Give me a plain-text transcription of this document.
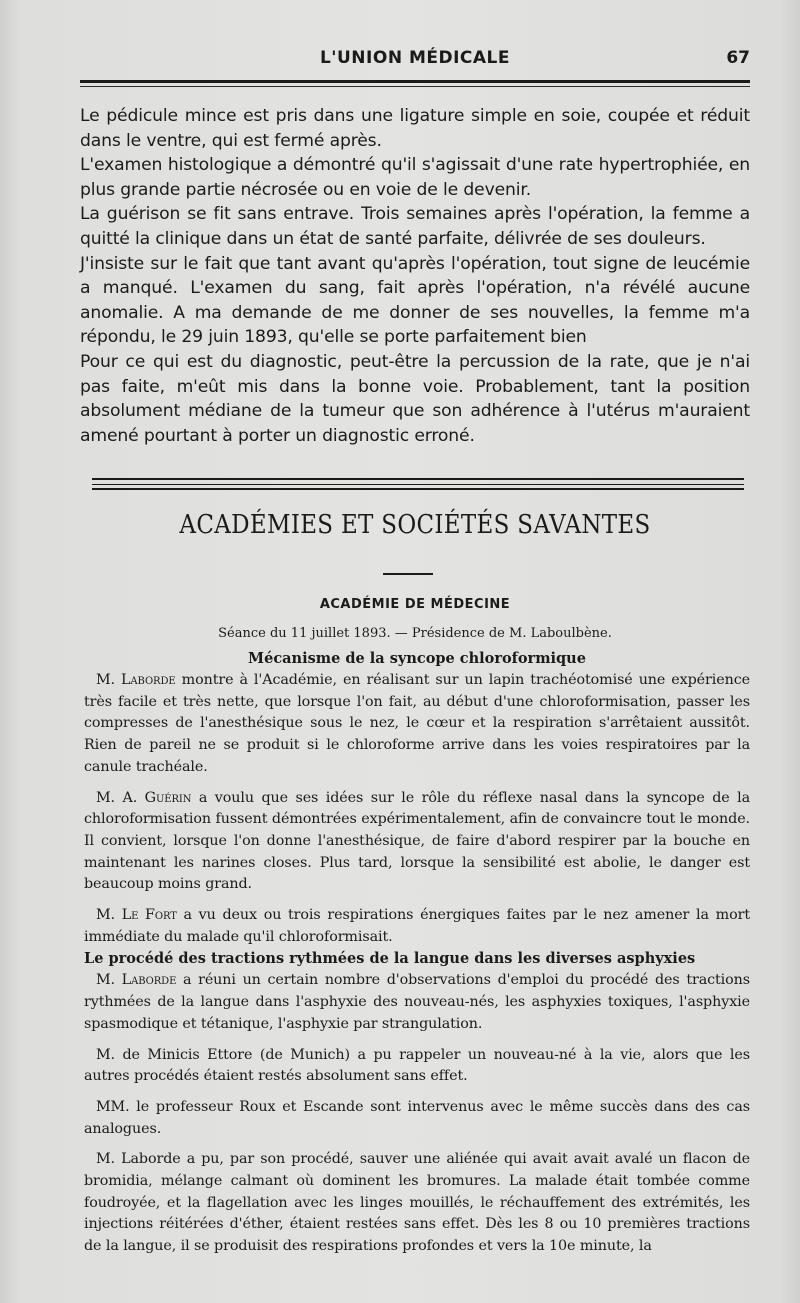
L'UNION MÉDICALE	67

Le pédicule mince est pris dans une ligature simple en soie, coupée et réduit dans le ventre, qui est fermé après.

L'examen histologique a démontré qu'il s'agissait d'une rate hypertrophiée, en plus grande partie nécrosée ou en voie de le devenir.

La guérison se fit sans entrave. Trois semaines après l'opération, la femme a quitté la clinique dans un état de santé parfaite, délivrée de ses douleurs.

J'insiste sur le fait que tant avant qu'après l'opération, tout signe de leucémie a manqué. L'examen du sang, fait après l'opération, n'a révélé aucune anomalie. A ma demande de me donner de ses nouvelles, la femme m'a répondu, le 29 juin 1893, qu'elle se porte parfaitement bien

Pour ce qui est du diagnostic, peut-être la percussion de la rate, que je n'ai pas faite, m'eût mis dans la bonne voie. Probablement, tant la position absolument médiane de la tumeur que son adhérence à l'utérus m'auraient amené pourtant à porter un diagnostic erroné.

ACADÉMIES ET SOCIÉTÉS SAVANTES
ACADÉMIE DE MÉDECINE
Séance du 11 juillet 1893. — Présidence de M. Laboulbène.

Mécanisme de la syncope chloroformique

M. Laborde montre à l'Académie, en réalisant sur un lapin trachéotomisé une expérience très facile et très nette, que lorsque l'on fait, au début d'une chloroformisation, passer les compresses de l'anesthésique sous le nez, le cœur et la respiration s'arrêtaient aussitôt. Rien de pareil ne se produit si le chloroforme arrive dans les voies respiratoires par la canule trachéale.

M. A. Guérin a voulu que ses idées sur le rôle du réflexe nasal dans la syncope de la chloroformisation fussent démontrées expérimentalement, afin de convaincre tout le monde. Il convient, lorsque l'on donne l'anesthésique, de faire d'abord respirer par la bouche en maintenant les narines closes. Plus tard, lorsque la sensibilité est abolie, le danger est beaucoup moins grand.

M. Le Fort a vu deux ou trois respirations énergiques faites par le nez amener la mort immédiate du malade qu'il chloroformisait.

Le procédé des tractions rythmées de la langue dans les diverses asphyxies

M. Laborde a réuni un certain nombre d'observations d'emploi du procédé des tractions rythmées de la langue dans l'asphyxie des nouveau-nés, les asphyxies toxiques, l'asphyxie spasmodique et tétanique, l'asphyxie par strangulation.

M. de Minicis Ettore (de Munich) a pu rappeler un nouveau-né à la vie, alors que les autres procédés étaient restés absolument sans effet.

MM. le professeur Roux et Escande sont intervenus avec le même succès dans des cas analogues.

M. Laborde a pu, par son procédé, sauver une aliénée qui avait avait avalé un flacon de bromidia, mélange calmant où dominent les bromures. La malade était tombée comme foudroyée, et la flagellation avec les linges mouillés, le réchauffement des extrémités, les injections réitérées d'éther, étaient restées sans effet. Dès les 8 ou 10 premières tractions de la langue, il se produisit des respirations profondes et vers la 10e minute, la
